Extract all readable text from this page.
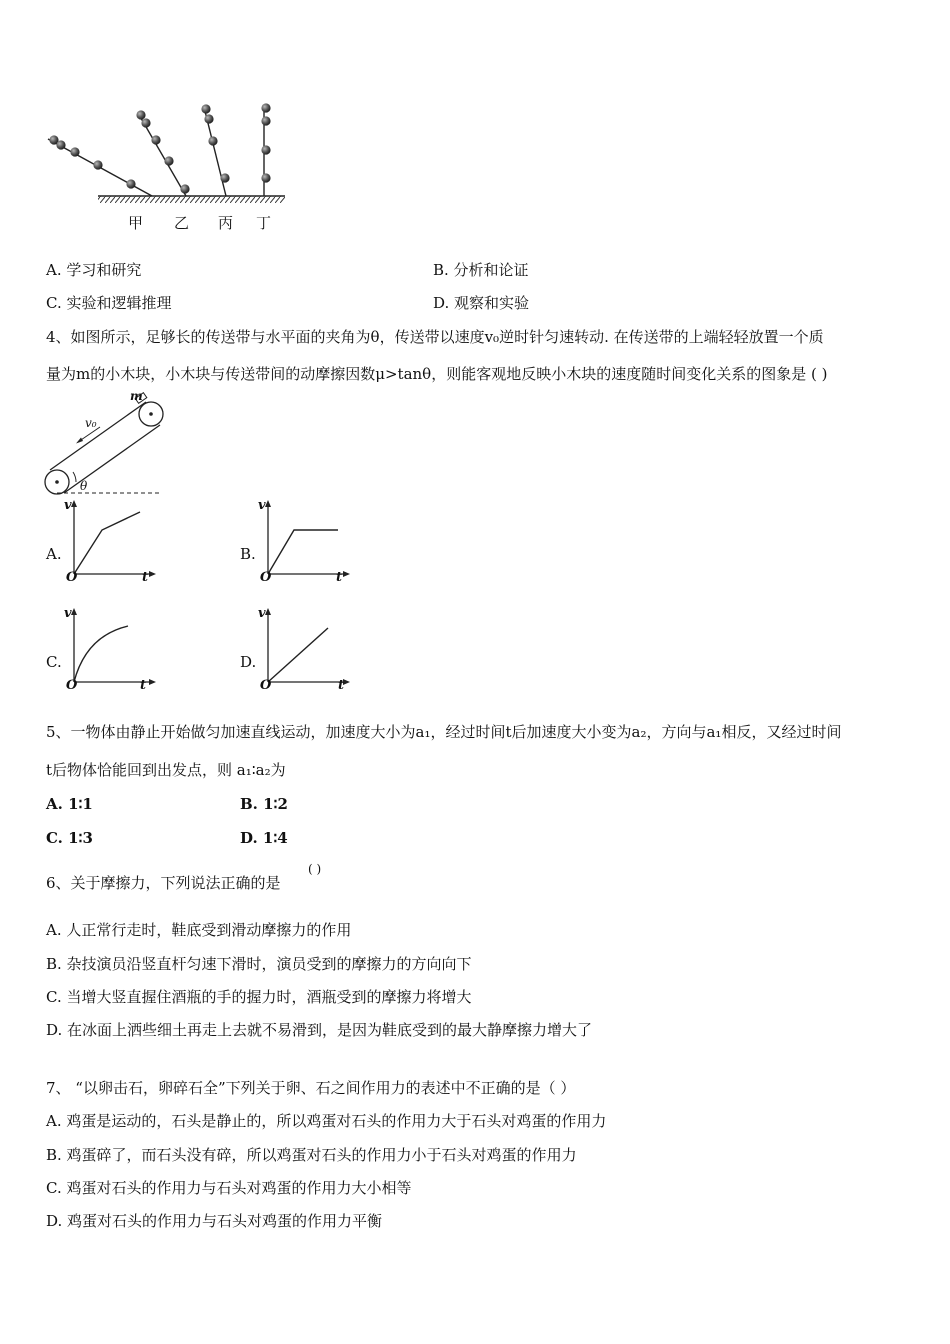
甲 乙 丙 丁
A. 学习和研究	B. 分析和论证
C. 实验和逻辑推理	D. 观察和实验
4、如图所示，足够长的传送带与水平面的夹角为θ，传送带以速度v₀逆时针匀速转动. 在传送带的上端轻轻放置一个质
量为m的小木块，小木块与传送带间的动摩擦因数μ>tanθ，则能客观地反映小木块的速度随时间变化关系的图象是 ( )
m
v₀
θ
A.
v
O	t
B.
v
O	t
C.
v
O	t
D.
v
O	t
5、一物体由静止开始做匀加速直线运动，加速度大小为a₁，经过时间t后加速度大小变为a₂，方向与a₁相反，又经过时间
t后物体恰能回到出发点，则 a₁∶a₂为
A. 1∶1	B. 1∶2
C. 1∶3	D. 1∶4
6、关于摩擦力，下列说法正确的是
( )
A. 人正常行走时，鞋底受到滑动摩擦力的作用
B. 杂技演员沿竖直杆匀速下滑时，演员受到的摩擦力的方向向下
C. 当增大竖直握住酒瓶的手的握力时，酒瓶受到的摩擦力将增大
D. 在冰面上洒些细土再走上去就不易滑到，是因为鞋底受到的最大静摩擦力增大了
7、 “以卵击石，卵碎石全”下列关于卵、石之间作用力的表述中不正确的是（ ）
A. 鸡蛋是运动的，石头是静止的，所以鸡蛋对石头的作用力大于石头对鸡蛋的作用力
B. 鸡蛋碎了，而石头没有碎，所以鸡蛋对石头的作用力小于石头对鸡蛋的作用力
C. 鸡蛋对石头的作用力与石头对鸡蛋的作用力大小相等
D. 鸡蛋对石头的作用力与石头对鸡蛋的作用力平衡
